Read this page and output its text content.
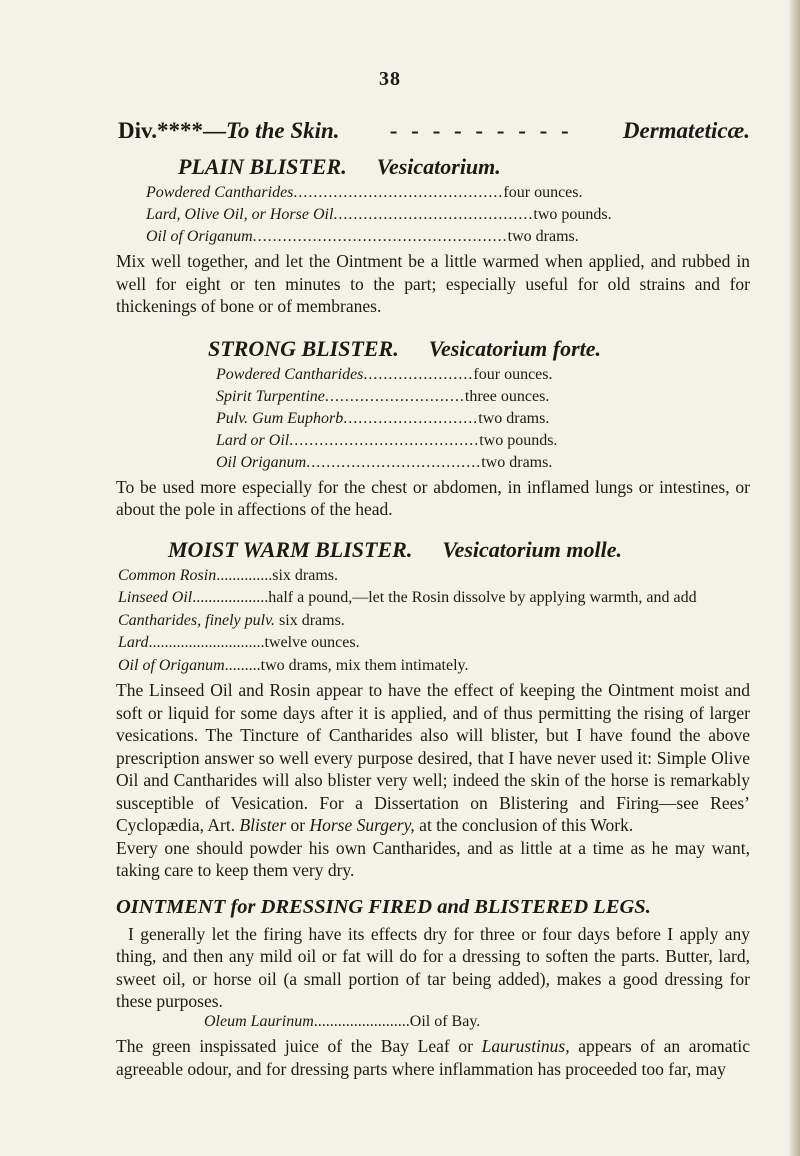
38
Div.****—To the Skin. - - - - - - - - - Dermateticæ.
PLAIN BLISTER. Vesicatorium.
Powdered Cantharides .......................................... four ounces.
Lard, Olive Oil, or Horse Oil ........................................ two pounds.
Oil of Origanum ................................................... two drams.

Mix well together, and let the Ointment be a little warmed when applied, and rubbed in well for eight or ten minutes to the part; especially useful for old strains and for thickenings of bone or of membranes.

STRONG BLISTER. Vesicatorium forte.
Powdered Cantharides ...................... four ounces.
Spirit Turpentine ............................ three ounces.
Pulv. Gum Euphorb ........................... two drams.
Lard or Oil ...................................... two pounds.
Oil Origanum ................................... two drams.

To be used more especially for the chest or abdomen, in inflamed lungs or intestines, or about the pole in affections of the head.

MOIST WARM BLISTER. Vesicatorium molle.
Common Rosin..............six drams.
Linseed Oil...................half a pound,—let the Rosin dissolve by applying warmth, and add
Cantharides, finely pulv. six drams.
Lard.............................twelve ounces.
Oil of Origanum.........two drams, mix them intimately.

The Linseed Oil and Rosin appear to have the effect of keeping the Ointment moist and soft or liquid for some days after it is applied, and of thus permitting the rising of larger vesications. The Tincture of Cantharides also will blister, but I have found the above prescription answer so well every purpose desired, that I have never used it: Simple Olive Oil and Cantharides will also blister very well; indeed the skin of the horse is remarkably susceptible of Vesication. For a Dissertation on Blistering and Firing—see Rees’ Cyclopædia, Art. Blister or Horse Surgery, at the conclusion of this Work.

Every one should powder his own Cantharides, and as little at a time as he may want, taking care to keep them very dry.

OINTMENT for DRESSING FIRED and BLISTERED LEGS.

I generally let the firing have its effects dry for three or four days before I apply any thing, and then any mild oil or fat will do for a dressing to soften the parts. Butter, lard, sweet oil, or horse oil (a small portion of tar being added), makes a good dressing for these purposes.

Oleum Laurinum........................Oil of Bay.

The green inspissated juice of the Bay Leaf or Laurustinus, appears of an aromatic agreeable odour, and for dressing parts where inflammation has proceeded too far, may
